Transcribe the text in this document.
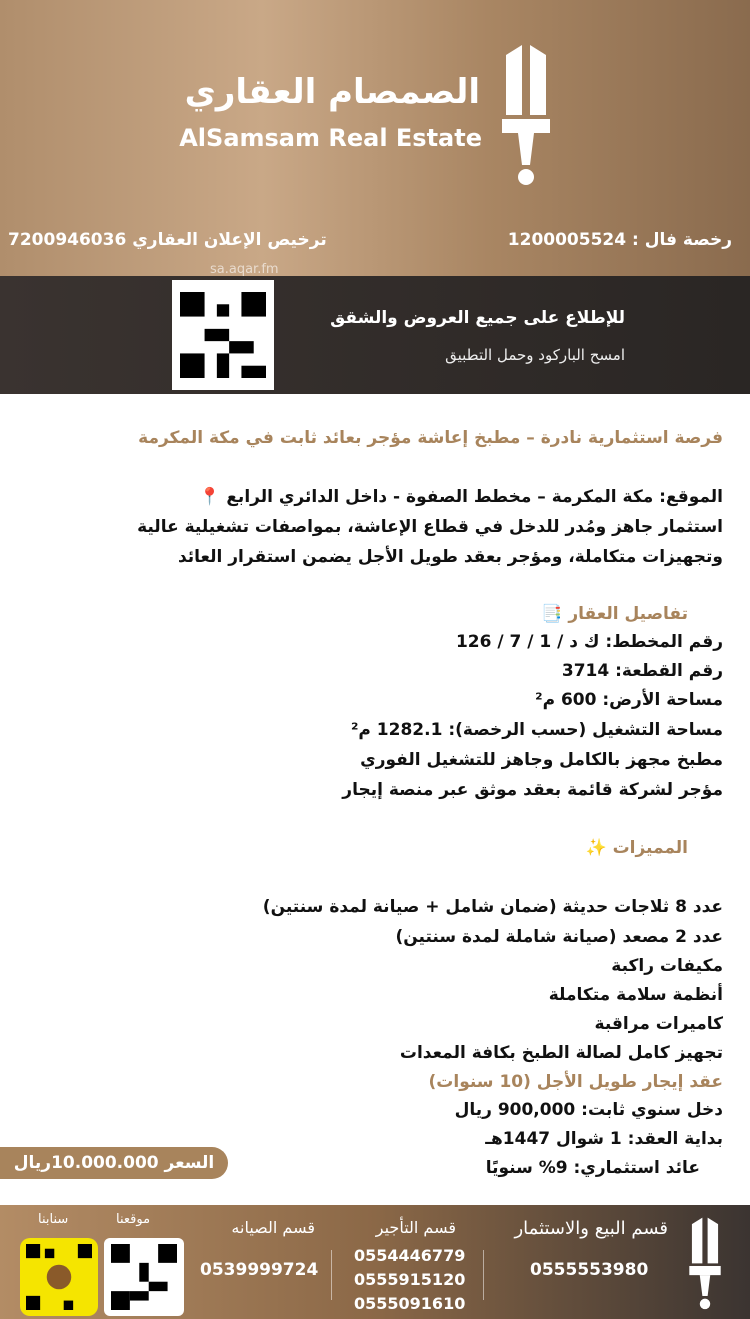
الصمصام العقاري
AlSamsam Real Estate
ترخيص الإعلان العقاري 7200946036	رخصة فال : 1200005524
sa.aqar.fm
للإطلاع على جميع العروض والشقق
امسح الباركود وحمل التطبيق
فرصة استثمارية نادرة – مطبخ إعاشة مؤجر بعائد ثابت في مكة المكرمة
الموقع: مكة المكرمة – مخطط الصفوة - داخل الدائري الرابع 📍
استثمار جاهز ومُدر للدخل في قطاع الإعاشة، بمواصفات تشغيلية عالية
وتجهيزات متكاملة، ومؤجر بعقد طويل الأجل يضمن استقرار العائد
تفاصيل العقار 📑
رقم المخطط: ك د / 1 / 7 / 126
رقم القطعة: 3714
مساحة الأرض: 600 م²
مساحة التشغيل (حسب الرخصة): 1282.1 م²
مطبخ مجهز بالكامل وجاهز للتشغيل الفوري
مؤجر لشركة قائمة بعقد موثق عبر منصة إيجار
المميزات ✨
عدد 8 ثلاجات حديثة (ضمان شامل + صيانة لمدة سنتين)
عدد 2 مصعد (صيانة شاملة لمدة سنتين)
مكيفات راكبة
أنظمة سلامة متكاملة
كاميرات مراقبة
تجهيز كامل لصالة الطبخ بكافة المعدات
عقد إيجار طويل الأجل (10 سنوات)
دخل سنوي ثابت: 900,000 ريال
بداية العقد: 1 شوال 1447هـ
عائد استثماري: 9% سنويًا
السعر 10.000.000ريال
قسم البيع والاستثمار
0555553980
قسم التأجير
0554446779
0555915120
0555091610
قسم الصيانه
0539999724
موقعنا
سنابنا
